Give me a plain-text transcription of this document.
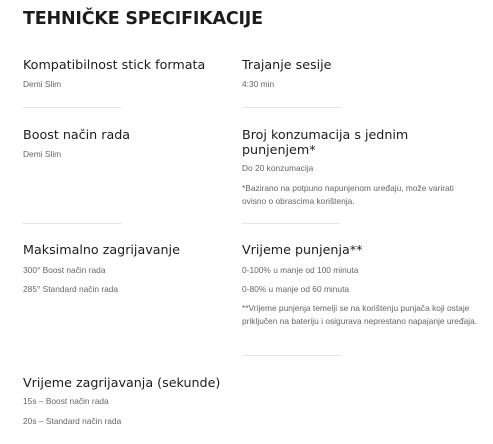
TEHNIČKE SPECIFIKACIJE
Kompatibilnost stick formata

Demi Slim

Trajanje sesije

4:30 min

Boost način rada

Demi Slim

Broj konzumacija s jednim punjenjem*

Do 20 konzumacija

*Bazirano na potpuno napunjenom uređaju, može varirati ovisno o obrascima korištenja.

Maksimalno zagrijavanje

300° Boost način rada

285° Standard način rada

Vrijeme punjenja**

0-100% u manje od 100 minuta

0-80% u manje od 60 minuta

**Vrijeme punjenja temelji se na korištenju punjača koji ostaje priključen na bateriju i osigurava neprestano napajanje uređaja.

Vrijeme zagrijavanja (sekunde)

15s – Boost način rada

20s – Standard način rada
